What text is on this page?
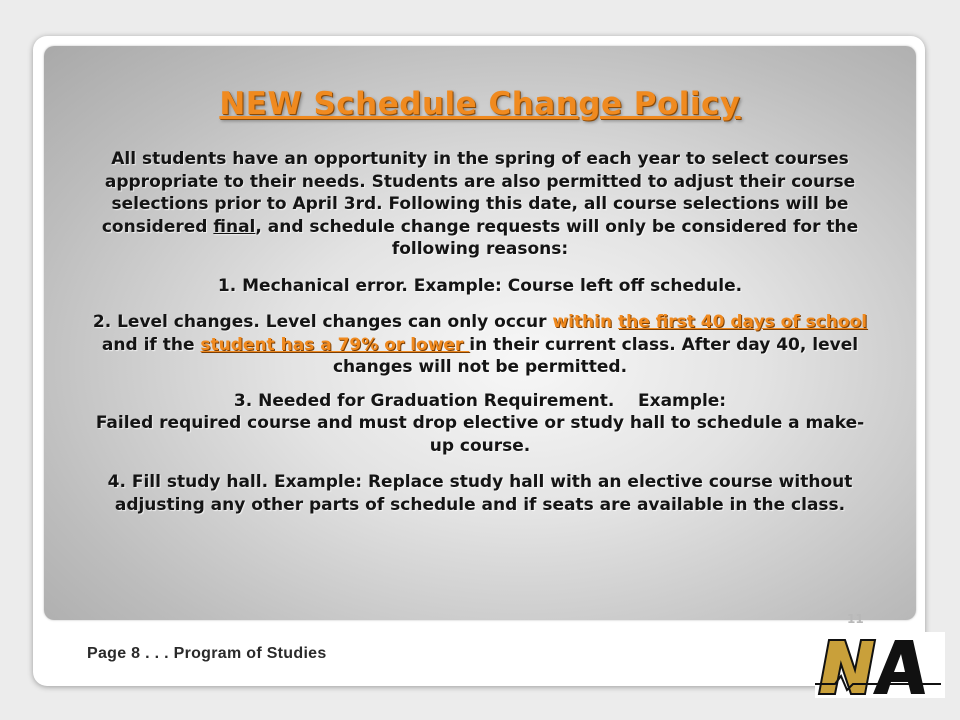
NEW Schedule Change Policy

All students have an opportunity in the spring of each year to select courses appropriate to their needs. Students are also permitted to adjust their course selections prior to April 3rd. Following this date, all course selections will be considered final, and schedule change requests will only be considered for the following reasons:

1. Mechanical error. Example: Course left off schedule.

2. Level changes. Level changes can only occur within the first 40 days of school and if the student has a 79% or lower in their current class. After day 40, level changes will not be permitted.

3. Needed for Graduation Requirement.    Example:

Failed required course and must drop elective or study hall to schedule a make-up course.

4. Fill study hall. Example: Replace study hall with an elective course without adjusting any other parts of schedule and if seats are available in the class.

11
Page 8 . . . Program of Studies
